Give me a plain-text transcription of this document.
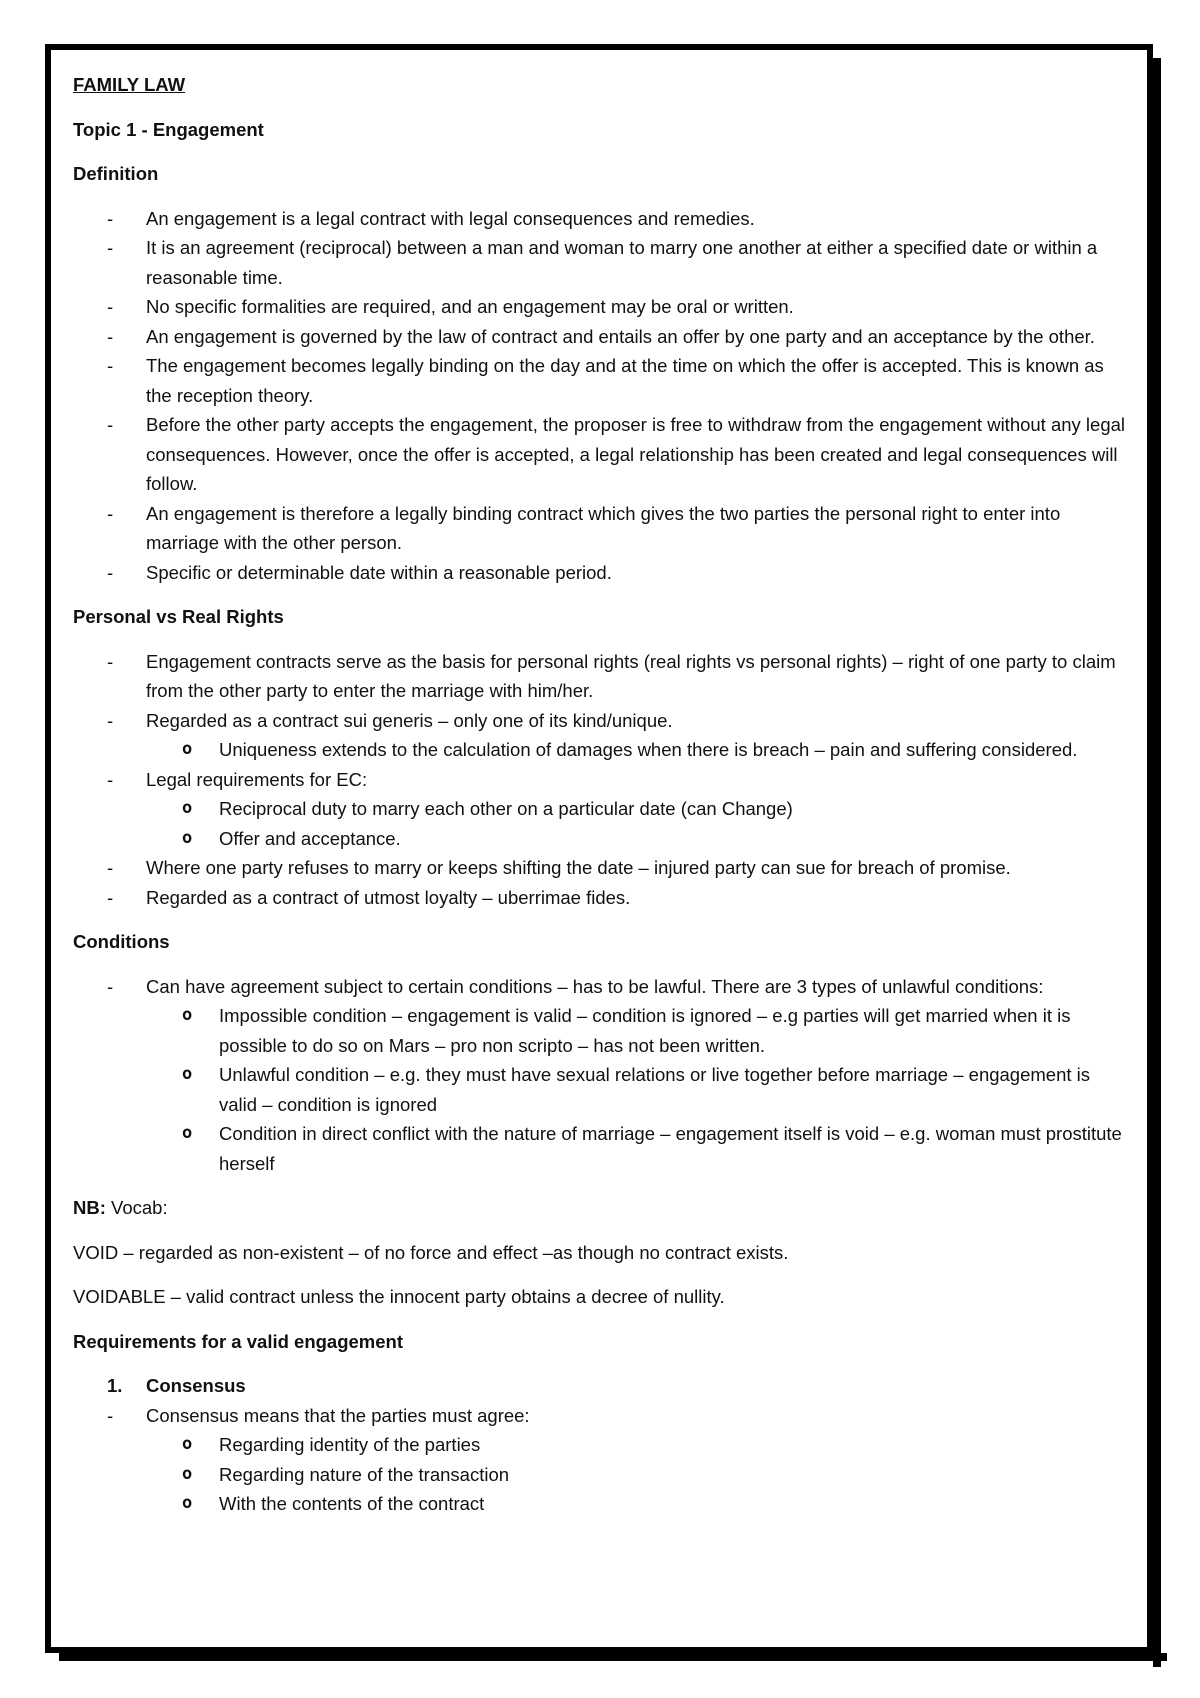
FAMILY LAW

Topic 1 - Engagement

Definition

- An engagement is a legal contract with legal consequences and remedies.
- It is an agreement (reciprocal) between a man and woman to marry one another at either a specified date or within a reasonable time.
- No specific formalities are required, and an engagement may be oral or written.
- An engagement is governed by the law of contract and entails an offer by one party and an acceptance by the other.
- The engagement becomes legally binding on the day and at the time on which the offer is accepted. This is known as the reception theory.
- Before the other party accepts the engagement, the proposer is free to withdraw from the engagement without any legal consequences. However, once the offer is accepted, a legal relationship has been created and legal consequences will follow.
- An engagement is therefore a legally binding contract which gives the two parties the personal right to enter into marriage with the other person.
- Specific or determinable date within a reasonable period.

Personal vs Real Rights

- Engagement contracts serve as the basis for personal rights (real rights vs personal rights) – right of one party to claim from the other party to enter the marriage with him/her.
- Regarded as a contract sui generis – only one of its kind/unique.
o Uniqueness extends to the calculation of damages when there is breach – pain and suffering considered.
- Legal requirements for EC:
o Reciprocal duty to marry each other on a particular date (can Change)
o Offer and acceptance.
- Where one party refuses to marry or keeps shifting the date – injured party can sue for breach of promise.
- Regarded as a contract of utmost loyalty – uberrimae fides.

Conditions

- Can have agreement subject to certain conditions – has to be lawful. There are 3 types of unlawful conditions:
o Impossible condition – engagement is valid – condition is ignored – e.g parties will get married when it is possible to do so on Mars – pro non scripto – has not been written.
o Unlawful condition – e.g. they must have sexual relations or live together before marriage – engagement is valid – condition is ignored
o Condition in direct conflict with the nature of marriage – engagement itself is void – e.g. woman must prostitute herself

NB: Vocab:

VOID – regarded as non-existent – of no force and effect –as though no contract exists.

VOIDABLE – valid contract unless the innocent party obtains a decree of nullity.

Requirements for a valid engagement

1. Consensus
- Consensus means that the parties must agree:
o Regarding identity of the parties
o Regarding nature of the transaction
o With the contents of the contract
